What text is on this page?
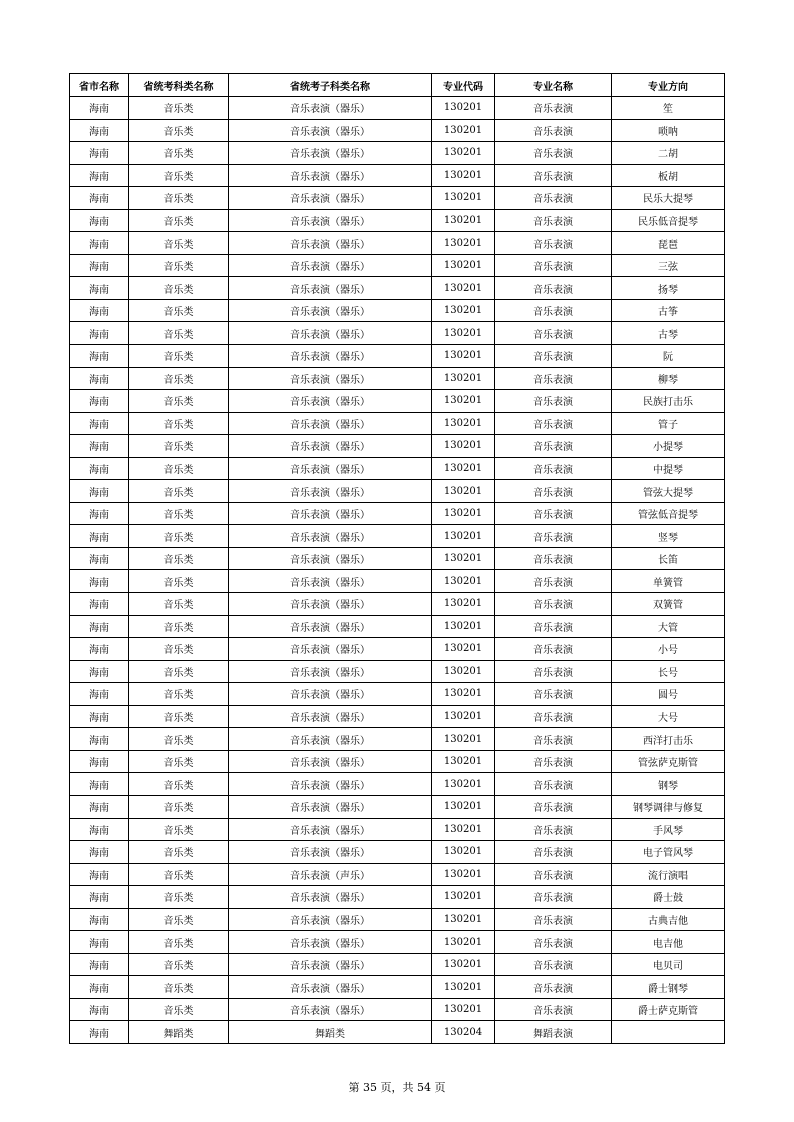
省市名称	省统考科类名称	省统考子科类名称	专业代码	专业名称	专业方向
海南	音乐类	音乐表演（器乐）	130201	音乐表演	笙
海南	音乐类	音乐表演（器乐）	130201	音乐表演	唢呐
海南	音乐类	音乐表演（器乐）	130201	音乐表演	二胡
海南	音乐类	音乐表演（器乐）	130201	音乐表演	板胡
海南	音乐类	音乐表演（器乐）	130201	音乐表演	民乐大提琴
海南	音乐类	音乐表演（器乐）	130201	音乐表演	民乐低音提琴
海南	音乐类	音乐表演（器乐）	130201	音乐表演	琵琶
海南	音乐类	音乐表演（器乐）	130201	音乐表演	三弦
海南	音乐类	音乐表演（器乐）	130201	音乐表演	扬琴
海南	音乐类	音乐表演（器乐）	130201	音乐表演	古筝
海南	音乐类	音乐表演（器乐）	130201	音乐表演	古琴
海南	音乐类	音乐表演（器乐）	130201	音乐表演	阮
海南	音乐类	音乐表演（器乐）	130201	音乐表演	柳琴
海南	音乐类	音乐表演（器乐）	130201	音乐表演	民族打击乐
海南	音乐类	音乐表演（器乐）	130201	音乐表演	管子
海南	音乐类	音乐表演（器乐）	130201	音乐表演	小提琴
海南	音乐类	音乐表演（器乐）	130201	音乐表演	中提琴
海南	音乐类	音乐表演（器乐）	130201	音乐表演	管弦大提琴
海南	音乐类	音乐表演（器乐）	130201	音乐表演	管弦低音提琴
海南	音乐类	音乐表演（器乐）	130201	音乐表演	竖琴
海南	音乐类	音乐表演（器乐）	130201	音乐表演	长笛
海南	音乐类	音乐表演（器乐）	130201	音乐表演	单簧管
海南	音乐类	音乐表演（器乐）	130201	音乐表演	双簧管
海南	音乐类	音乐表演（器乐）	130201	音乐表演	大管
海南	音乐类	音乐表演（器乐）	130201	音乐表演	小号
海南	音乐类	音乐表演（器乐）	130201	音乐表演	长号
海南	音乐类	音乐表演（器乐）	130201	音乐表演	圆号
海南	音乐类	音乐表演（器乐）	130201	音乐表演	大号
海南	音乐类	音乐表演（器乐）	130201	音乐表演	西洋打击乐
海南	音乐类	音乐表演（器乐）	130201	音乐表演	管弦萨克斯管
海南	音乐类	音乐表演（器乐）	130201	音乐表演	钢琴
海南	音乐类	音乐表演（器乐）	130201	音乐表演	钢琴调律与修复
海南	音乐类	音乐表演（器乐）	130201	音乐表演	手风琴
海南	音乐类	音乐表演（器乐）	130201	音乐表演	电子管风琴
海南	音乐类	音乐表演（声乐）	130201	音乐表演	流行演唱
海南	音乐类	音乐表演（器乐）	130201	音乐表演	爵士鼓
海南	音乐类	音乐表演（器乐）	130201	音乐表演	古典吉他
海南	音乐类	音乐表演（器乐）	130201	音乐表演	电吉他
海南	音乐类	音乐表演（器乐）	130201	音乐表演	电贝司
海南	音乐类	音乐表演（器乐）	130201	音乐表演	爵士钢琴
海南	音乐类	音乐表演（器乐）	130201	音乐表演	爵士萨克斯管
海南	舞蹈类	舞蹈类	130204	舞蹈表演	
第 35 页，共 54 页
